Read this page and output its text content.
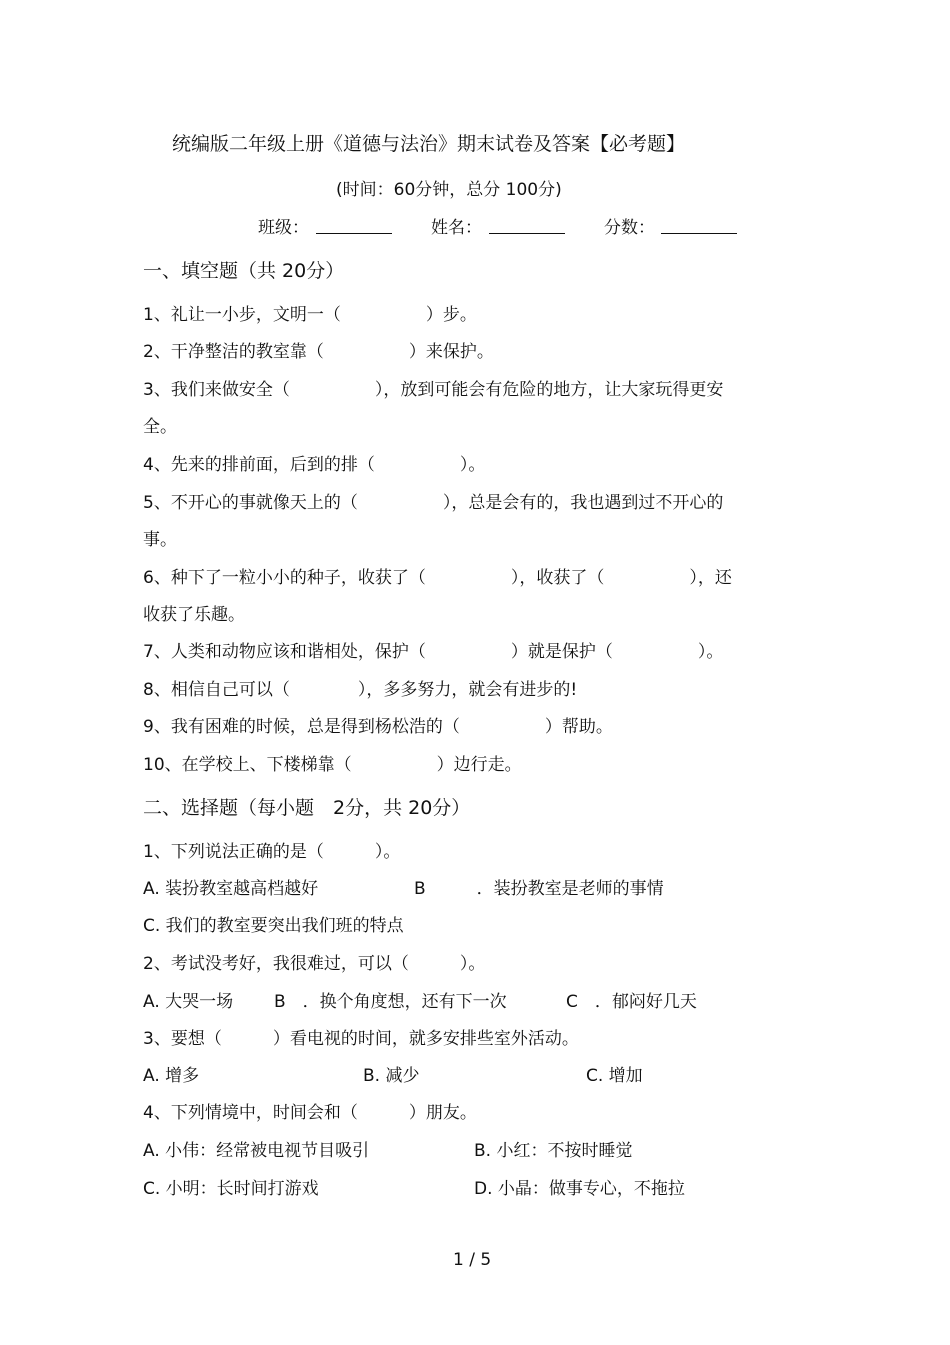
统编版二年级上册《道德与法治》期末试卷及答案【必考题】
(时间：60分钟，总分 100分)
班级：	姓名：	分数：
一、填空题（共 20分）
1、礼让一小步，文明一（　　　　　）步。
2、干净整洁的教室靠（　　　　　）来保护。
3、我们来做安全（　　　　　），放到可能会有危险的地方，让大家玩得更安
全。
4、先来的排前面，后到的排（　　　　　）。
5、不开心的事就像天上的（　　　　　），总是会有的，我也遇到过不开心的
事。
6、种下了一粒小小的种子，收获了（　　　　　），收获了（　　　　　），还
收获了乐趣。
7、人类和动物应该和谐相处，保护（　　　　　）就是保护（　　　　　）。
8、相信自己可以（　　　　），多多努力，就会有进步的!
9、我有困难的时候，总是得到杨松浩的（　　　　　）帮助。
10、在学校上、下楼梯靠（　　　　　）边行走。
二、选择题（每小题　2分，共 20分）
1、下列说法正确的是（　　　）。
A. 装扮教室越高档越好	B　　　．装扮教室是老师的事情
C. 我们的教室要突出我们班的特点
2、考试没考好，我很难过，可以（　　　）。
A. 大哭一场 B　．换个角度想，还有下一次	C　．郁闷好几天
3、要想（　　　）看电视的时间，就多安排些室外活动。
A. 增多	B. 减少	C. 增加
4、下列情境中，时间会和（　　　）朋友。
A. 小伟：经常被电视节目吸引	B. 小红：不按时睡觉
C. 小明：长时间打游戏	D. 小晶：做事专心，不拖拉
1 / 5
